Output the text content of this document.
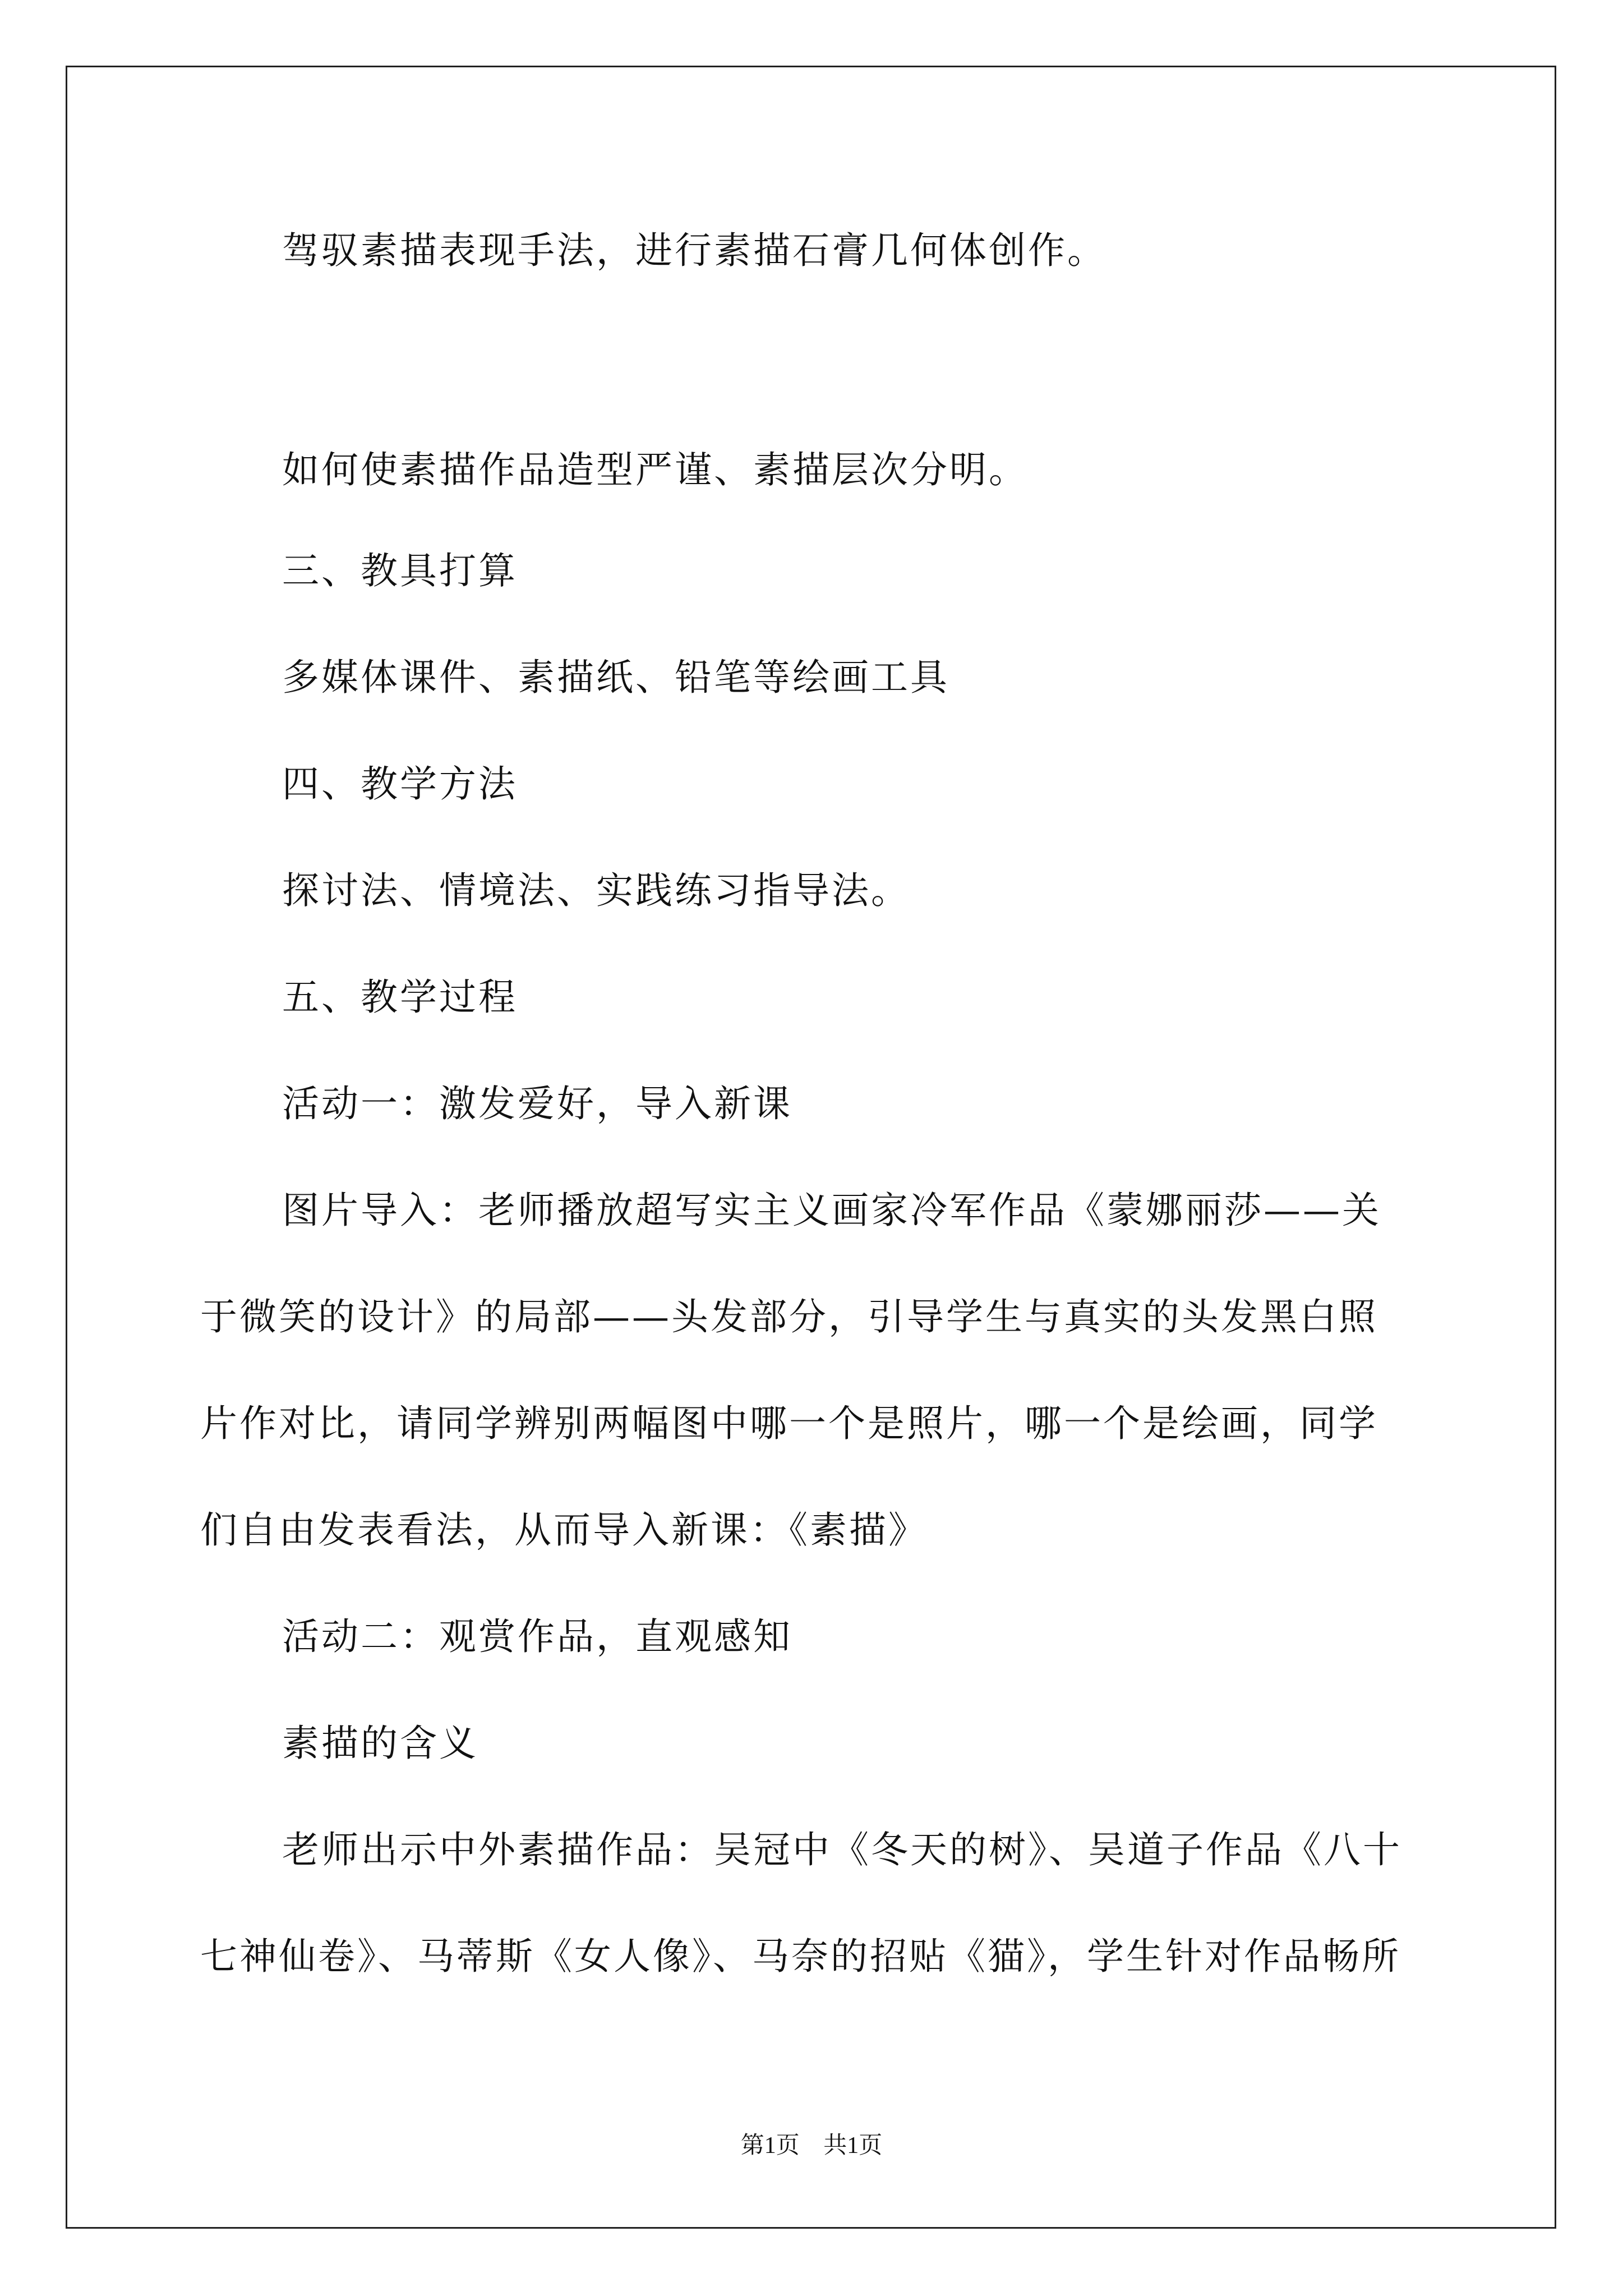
驾驭素描表现手法，进行素描石膏几何体创作。
如何使素描作品造型严谨、素描层次分明。
三、教具打算
多媒体课件、素描纸、铅笔等绘画工具
四、教学方法
探讨法、情境法、实践练习指导法。
五、教学过程
活动一：激发爱好，导入新课
图片导入：老师播放超写实主义画家冷军作品《蒙娜丽莎——关
于微笑的设计》的局部——头发部分，引导学生与真实的头发黑白照
片作对比，请同学辨别两幅图中哪一个是照片，哪一个是绘画，同学
们自由发表看法，从而导入新课：《素描》
活动二：观赏作品，直观感知
素描的含义
老师出示中外素描作品：吴冠中《冬天的树》、吴道子作品《八十
七神仙卷》、马蒂斯《女人像》、马奈的招贴《猫》，学生针对作品畅所
第1页 共1页
